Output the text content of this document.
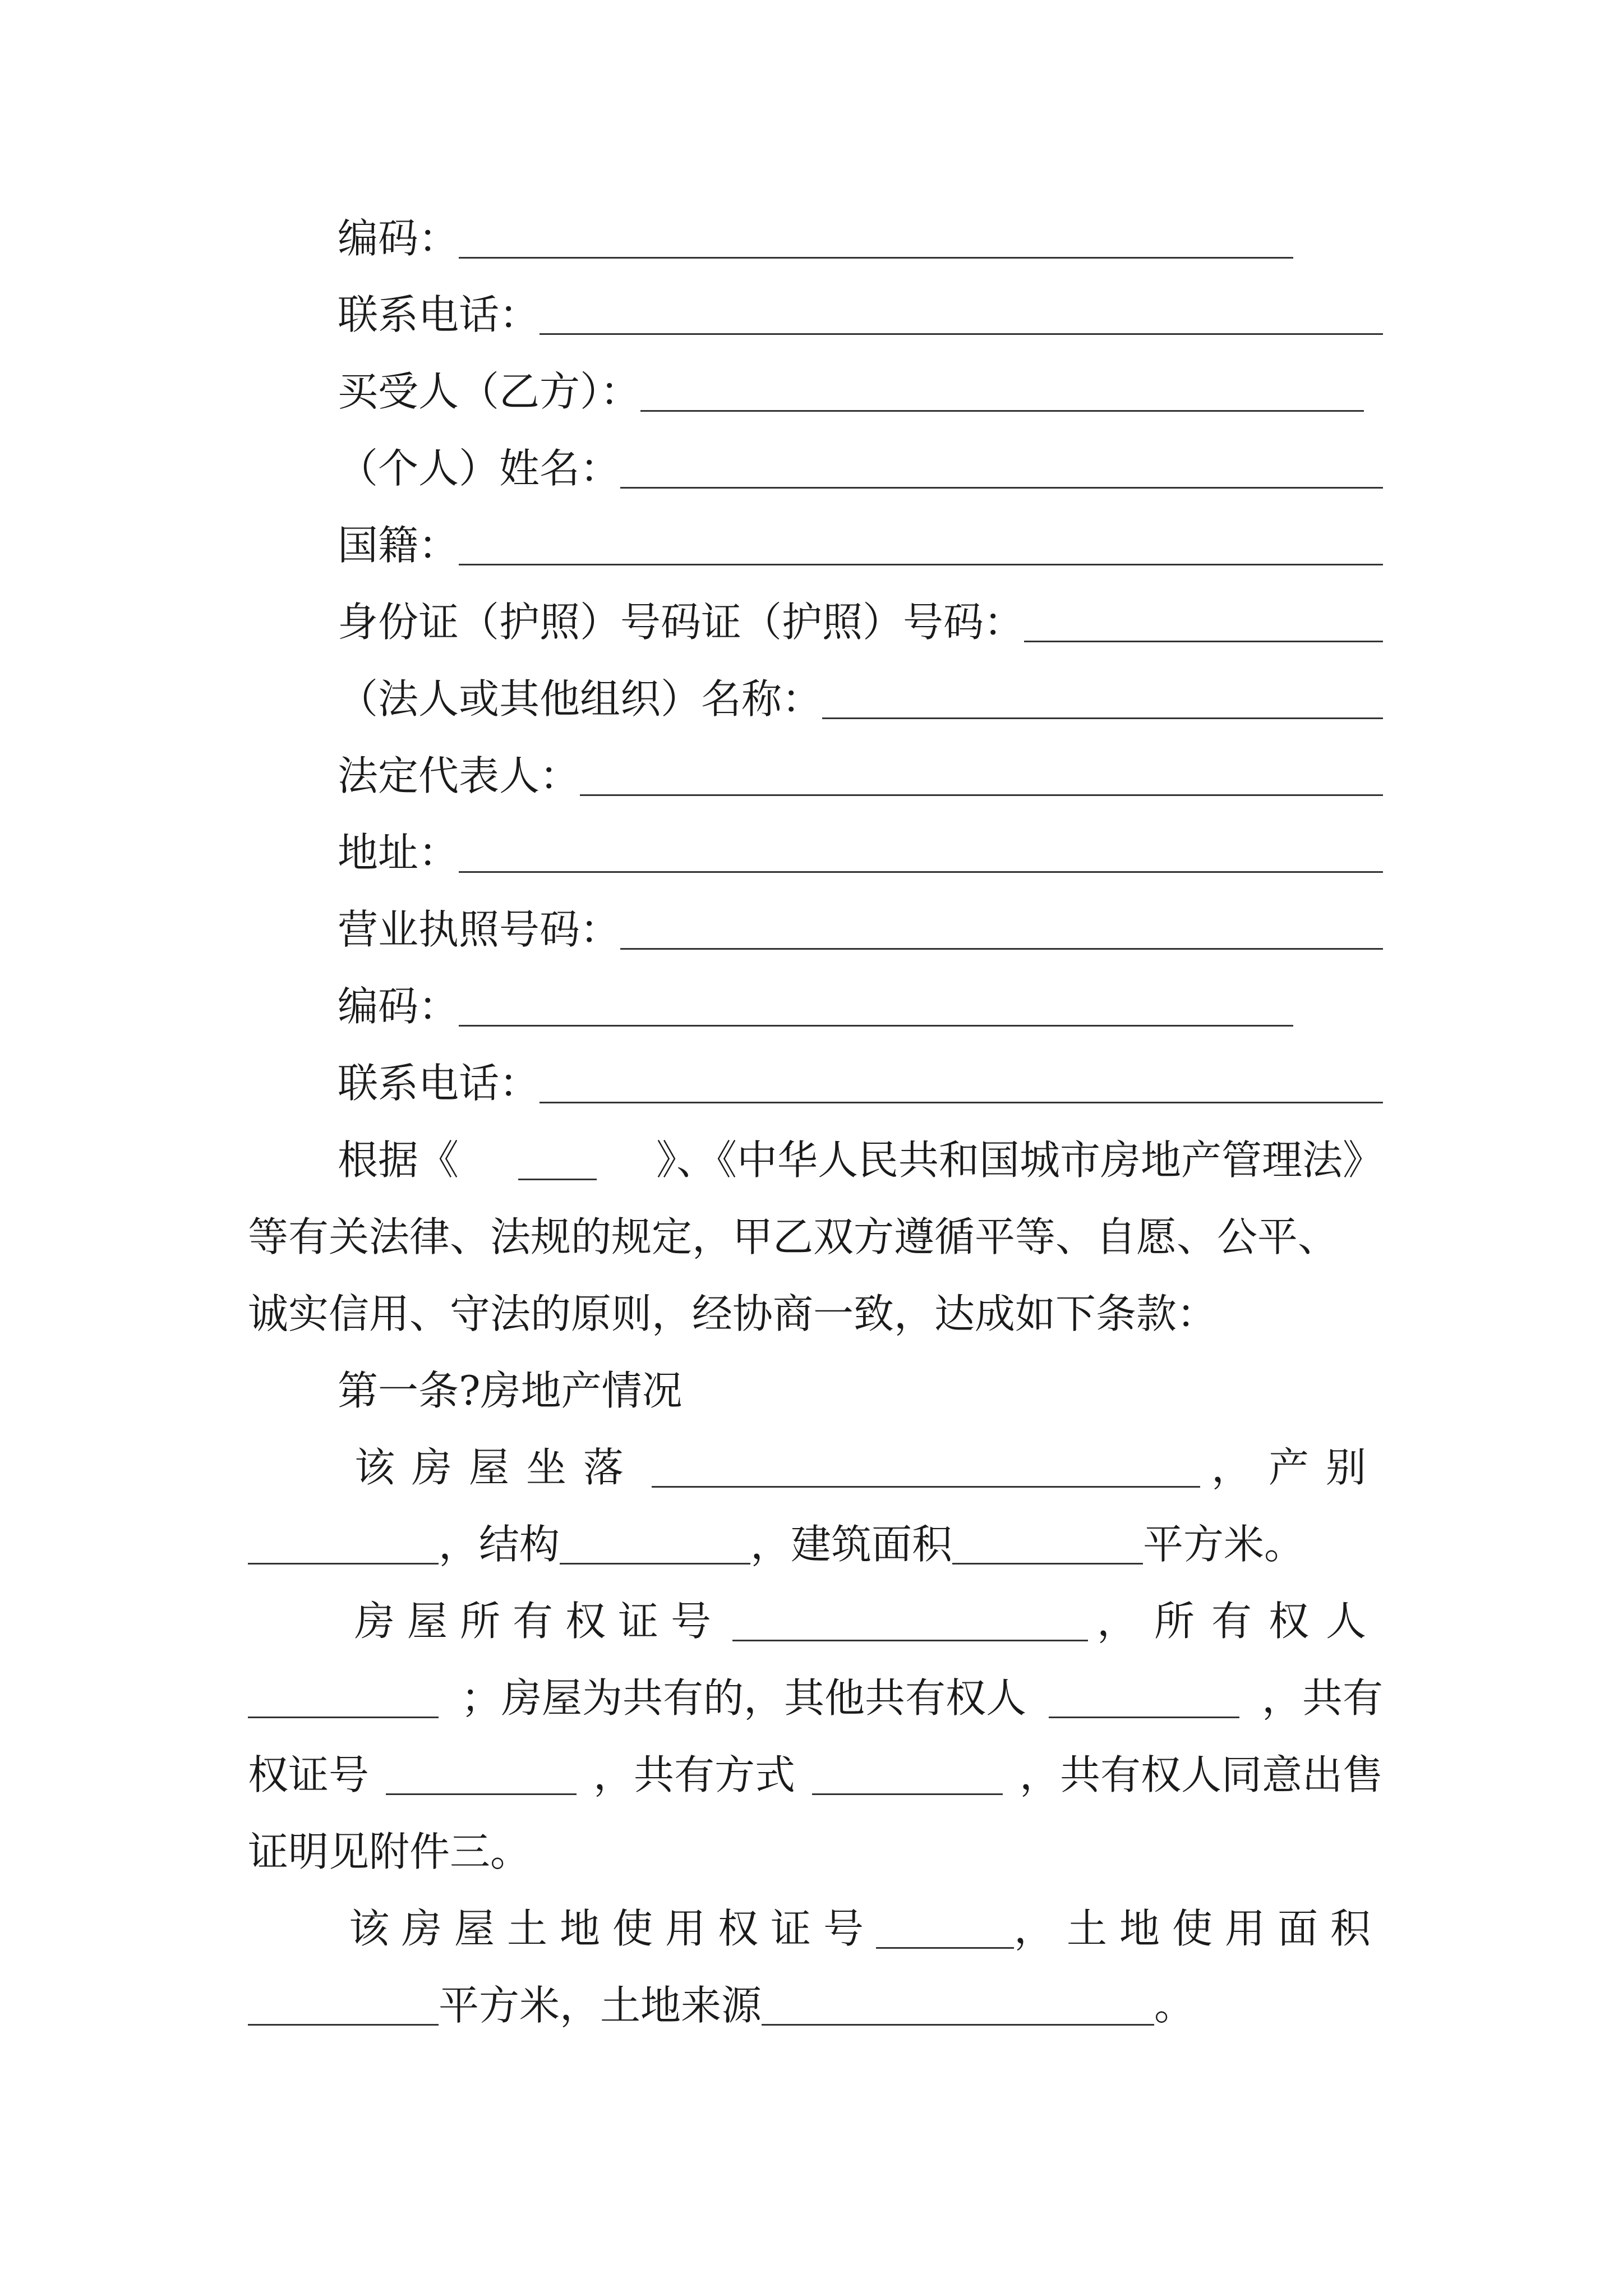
编码：
联系电话：
买受人（乙方）：
（个人）姓名：
国籍：
身份证（护照）号码证（护照）号码：
（法人或其他组织）名称：
法定代表人：
地址：
营业执照号码：
编码：
联系电话：
根据《	》、《中华人民共和国城市房地产管理法》
等有关法律、法规的规定，甲乙双方遵循平等、自愿、公平、
诚实信用、守法的原则，经协商一致，达成如下条款：
第一条?房地产情况
该房屋坐落	，产别
，结构	，建筑面积	平方米。
房屋所有权证号	，所有权人
；房屋为共有的，其他共有权人	，共有
权证号	，共有方式	，共有权人同意出售
证明见附件三。
该房屋土地使用权证号	，土地使用面积
平方米，土地来源	。
